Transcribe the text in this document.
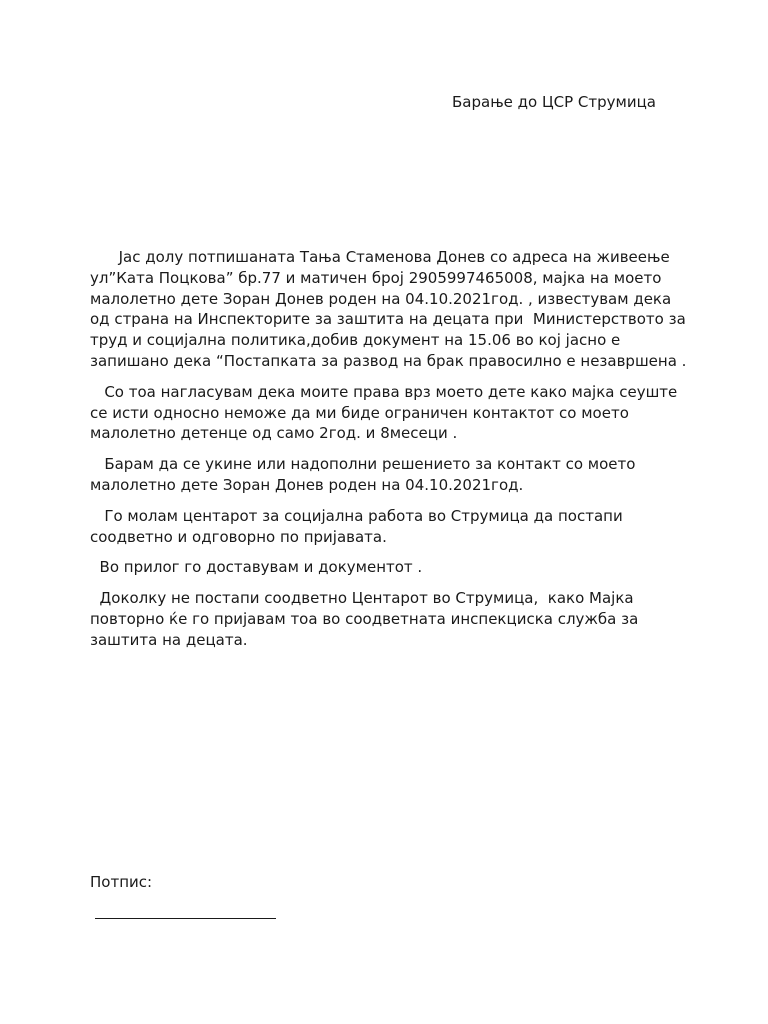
Барање до ЦСР Струмица

Јас долу потпишаната Тања Стаменова Донев со адреса на живеење ул”Ката Поцкова” бр.77 и матичен број 2905997465008, мајка на моето малолетно дете Зоран Донев роден на 04.10.2021год. , известувам дека од страна на Инспекторите за заштита на децата при  Министерството за труд и социјална политика,добив документ на 15.06 во кој јасно е запишано дека “Постапката за развод на брак правосилно е незавршена .

Со тоа нагласувам дека моите права врз моето дете како мајка сеуште се исти односно неможе да ми биде ограничен контактот со моето малолетно детенце од само 2год. и 8месеци .

Барам да се укине или надополни решението за контакт со моето малолетно дете Зоран Донев роден на 04.10.2021год.

Го молам центарот за социјална работа во Струмица да постапи соодветно и одговорно по пријавата.

Во прилог го доставувам и документот .

Доколку не постапи соодветно Центарот во Струмица,  како Мајка повторно ќе го пријавам тоа во соодветната инспекциска служба за заштита на децата.

Потпис:
